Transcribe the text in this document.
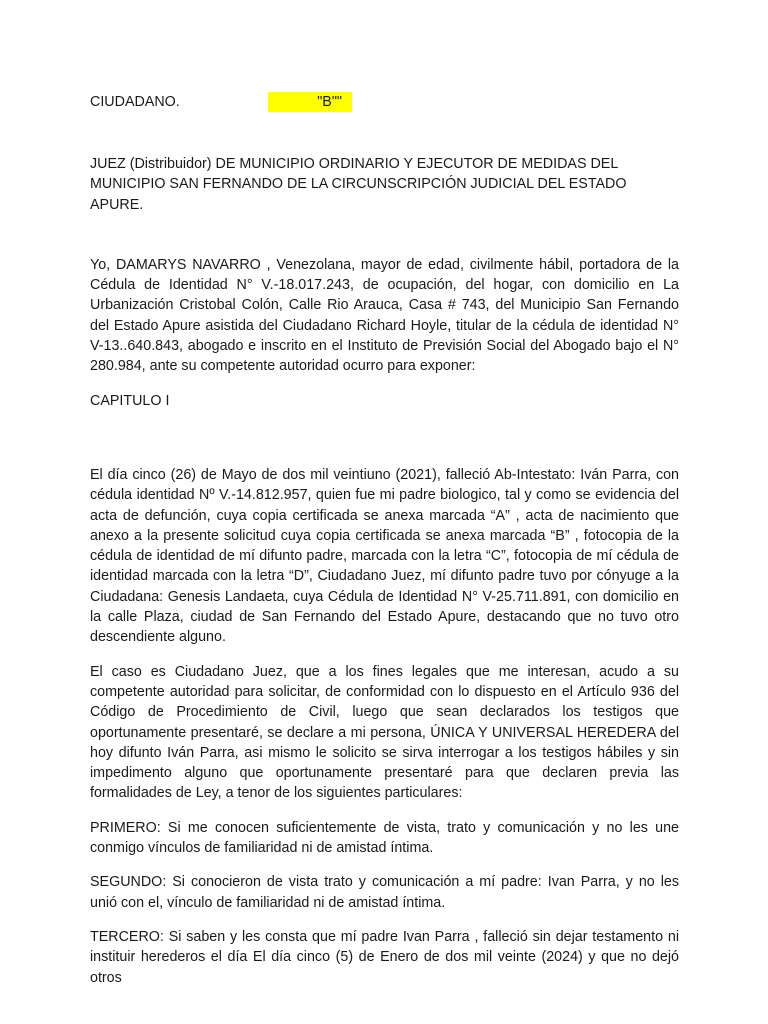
CIUDADANO.	"B""

JUEZ (Distribuidor) DE MUNICIPIO ORDINARIO Y EJECUTOR DE MEDIDAS DEL MUNICIPIO SAN FERNANDO DE LA CIRCUNSCRIPCIÓN JUDICIAL DEL ESTADO APURE.

Yo, DAMARYS NAVARRO , Venezolana, mayor de edad, civilmente hábil, portadora de la Cédula de Identidad N° V.-18.017.243, de ocupación, del hogar, con domicilio en La Urbanización Cristobal Colón, Calle Rio Arauca, Casa # 743, del Municipio San Fernando del Estado Apure asistida del Ciudadano Richard Hoyle, titular de la cédula de identidad N° V-13..640.843, abogado e inscrito en el Instituto de Previsión Social del Abogado bajo el N° 280.984, ante su competente autoridad ocurro para exponer:

CAPITULO I

El día cinco (26) de Mayo de dos mil veintiuno (2021), falleció Ab-Intestato: Iván Parra, con cédula identidad Nº V.-14.812.957, quien fue mi padre biologico, tal y como se evidencia del acta de defunción, cuya copia certificada se anexa marcada “A” , acta de nacimiento que anexo a la presente solicitud cuya copia certificada se anexa marcada “B” , fotocopia de la cédula de identidad de mí difunto padre, marcada con la letra “C”, fotocopia de mí cédula de identidad marcada con la letra “D”, Ciudadano Juez, mí difunto padre tuvo por cónyuge a la Ciudadana: Genesis Landaeta, cuya Cédula de Identidad N° V-25.711.891, con domicilio en la calle Plaza, ciudad de San Fernando del Estado Apure, destacando que no tuvo otro descendiente alguno.

El caso es Ciudadano Juez, que a los fines legales que me interesan, acudo a su competente autoridad para solicitar, de conformidad con lo dispuesto en el Artículo 936 del Código de Procedimiento de Civil, luego que sean declarados los testigos que oportunamente presentaré, se declare a mi persona, ÚNICA Y UNIVERSAL HEREDERA del hoy difunto Iván Parra, asi mismo le solicito se sirva interrogar a los testigos hábiles y sin impedimento alguno que oportunamente presentaré para que declaren previa las formalidades de Ley, a tenor de los siguientes particulares:

PRIMERO: Si me conocen suficientemente de vista, trato y comunicación y no les une conmigo vínculos de familiaridad ni de amistad íntima.

SEGUNDO: Si conocieron de vista trato y comunicación a mí padre: Ivan Parra, y no les unió con el, vínculo de familiaridad ni de amistad íntima.

TERCERO: Si saben y les consta que mí padre Ivan Parra , falleció sin dejar testamento ni instituir herederos el día El día cinco (5) de Enero de dos mil veinte (2024) y que no dejó otros
